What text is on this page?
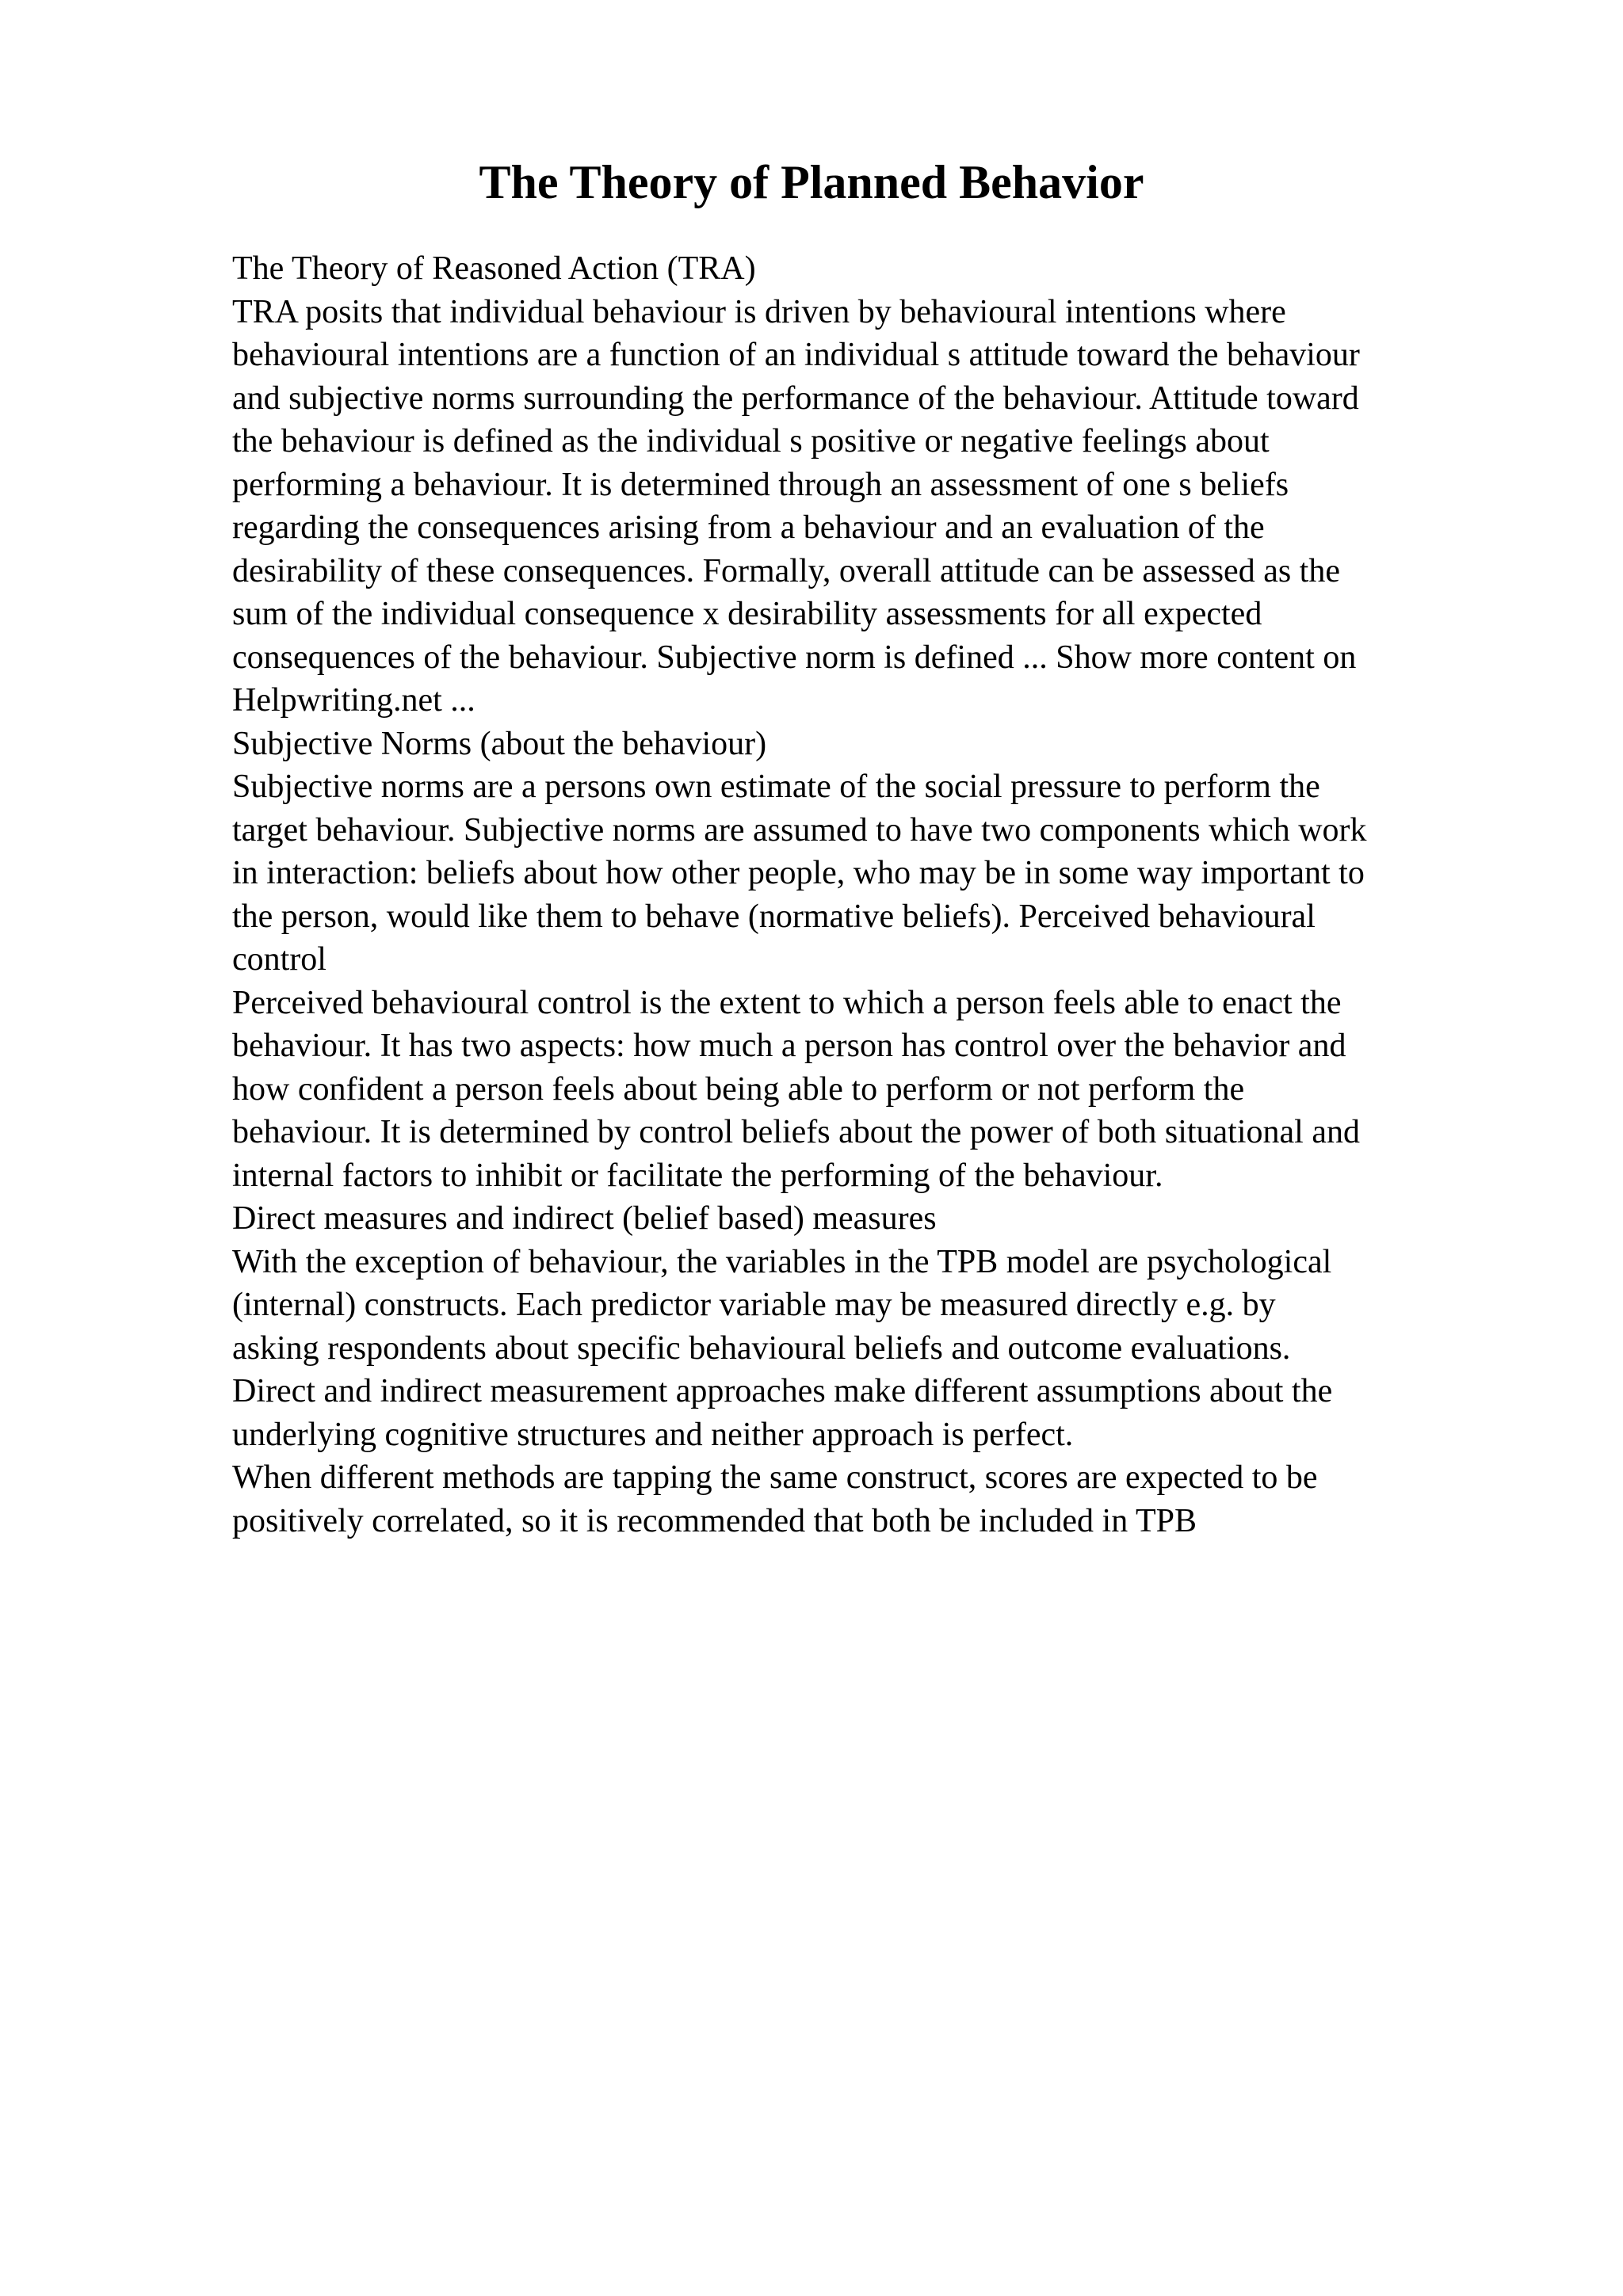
The Theory of Planned Behavior
The Theory of Reasoned Action (TRA)
TRA posits that individual behaviour is driven by behavioural intentions where
behavioural intentions are a function of an individual s attitude toward the behaviour
and subjective norms surrounding the performance of the behaviour. Attitude toward
the behaviour is defined as the individual s positive or negative feelings about
performing a behaviour. It is determined through an assessment of one s beliefs
regarding the consequences arising from a behaviour and an evaluation of the
desirability of these consequences. Formally, overall attitude can be assessed as the
sum of the individual consequence x desirability assessments for all expected
consequences of the behaviour. Subjective norm is defined ... Show more content on
Helpwriting.net ...
Subjective Norms (about the behaviour)
Subjective norms are a persons own estimate of the social pressure to perform the
target behaviour. Subjective norms are assumed to have two components which work
in interaction: beliefs about how other people, who may be in some way important to
the person, would like them to behave (normative beliefs). Perceived behavioural
control
Perceived behavioural control is the extent to which a person feels able to enact the
behaviour. It has two aspects: how much a person has control over the behavior and
how confident a person feels about being able to perform or not perform the
behaviour. It is determined by control beliefs about the power of both situational and
internal factors to inhibit or facilitate the performing of the behaviour.
Direct measures and indirect (belief based) measures
With the exception of behaviour, the variables in the TPB model are psychological
(internal) constructs. Each predictor variable may be measured directly e.g. by
asking respondents about specific behavioural beliefs and outcome evaluations.
Direct and indirect measurement approaches make different assumptions about the
underlying cognitive structures and neither approach is perfect.
When different methods are tapping the same construct, scores are expected to be
positively correlated, so it is recommended that both be included in TPB
